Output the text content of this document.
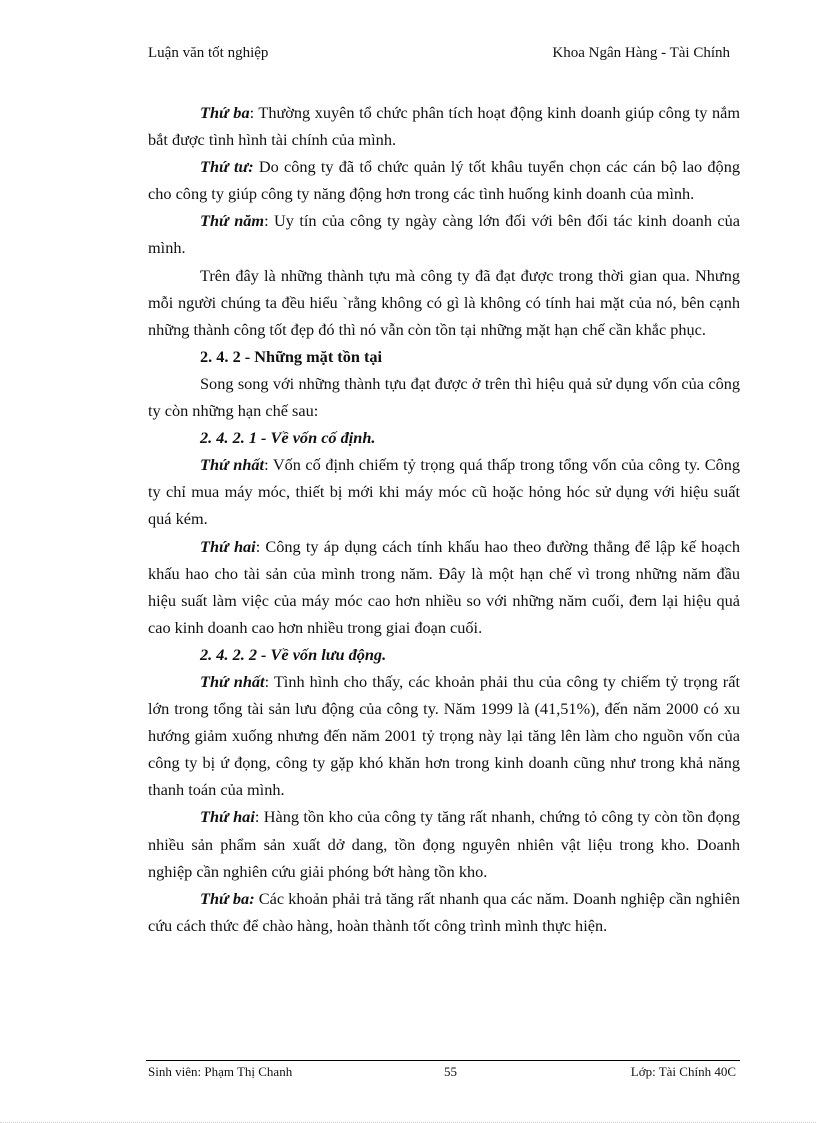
Luận văn tốt nghiệp	Khoa Ngân Hàng - Tài Chính

Thứ ba: Thường xuyên tổ chức phân tích hoạt động kinh doanh giúp công ty nắm bắt được tình hình tài chính của mình.

Thứ tư: Do công ty đã tổ chức quản lý tốt khâu tuyển chọn các cán bộ lao động cho công ty giúp công ty năng động hơn trong các tình huống kinh doanh của mình.

Thứ năm: Uy tín của công ty ngày càng lớn đối với bên đối tác kinh doanh của mình.

Trên đây là những thành tựu mà công ty đã đạt được trong thời gian qua. Nhưng mỗi người chúng ta đều hiểu `rằng không có gì là không có tính hai mặt của nó, bên cạnh những thành công tốt đẹp đó thì nó vẫn còn tồn tại những mặt hạn chế cần khắc phục.

2. 4. 2 - Những mặt tồn tại

Song song với những thành tựu đạt được ở trên thì hiệu quả sử dụng vốn của công ty còn những hạn chế sau:

2. 4. 2. 1 - Về vốn cố định.

Thứ nhất: Vốn cố định chiếm tỷ trọng quá thấp trong tổng vốn của công ty. Công ty chỉ mua máy móc, thiết bị mới khi máy móc cũ hoặc hỏng hóc sử dụng với hiệu suất quá kém.

Thứ hai: Công ty áp dụng cách tính khấu hao theo đường thẳng để lập kế hoạch khấu hao cho tài sản của mình trong năm. Đây là một hạn chế vì trong những năm đầu hiệu suất làm việc của máy móc cao hơn nhiều so với những năm cuối, đem lại hiệu quả cao kinh doanh cao hơn nhiều trong giai đoạn cuối.

2. 4. 2. 2 - Về vốn lưu động.

Thứ nhất: Tình hình cho thấy, các khoản phải thu của công ty chiếm tỷ trọng rất lớn trong tổng tài sản lưu động của công ty. Năm 1999 là (41,51%), đến năm 2000 có xu hướng giảm xuống nhưng đến năm 2001 tỷ trọng này lại tăng lên làm cho nguồn vốn của công ty bị ứ đọng, công ty gặp khó khăn hơn trong kinh doanh cũng như trong khả năng thanh toán của mình.

Thứ hai: Hàng tồn kho của công ty tăng rất nhanh, chứng tỏ công ty còn tồn đọng nhiều sản phẩm sản xuất dở dang, tồn đọng nguyên nhiên vật liệu trong kho. Doanh nghiệp cần nghiên cứu giải phóng bớt hàng tồn kho.

Thứ ba: Các khoản phải trả tăng rất nhanh qua các năm. Doanh nghiệp cần nghiên cứu cách thức để chào hàng, hoàn thành tốt công trình mình thực hiện.

Sinh viên: Phạm Thị Chanh	55	Lớp: Tài Chính 40C
